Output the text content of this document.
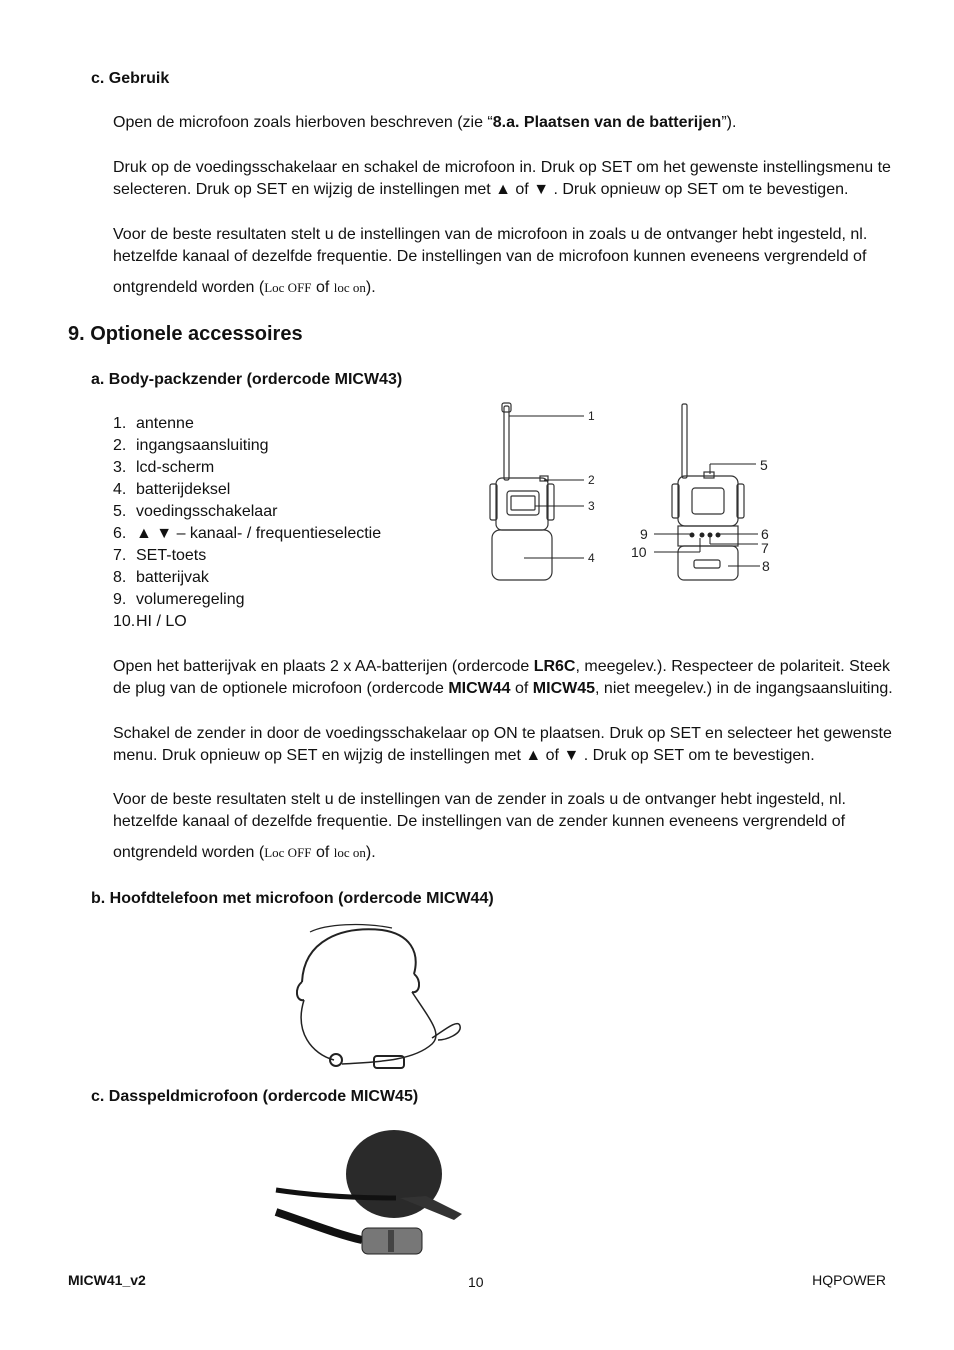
c. Gebruik
Open de microfoon zoals hierboven beschreven (zie “8.a. Plaatsen van de batterijen”).
Druk op de voedingsschakelaar en schakel de microfoon in. Druk op SET om het gewenste instellingsmenu te
selecteren. Druk op SET en wijzig de instellingen met ▲ of ▼ . Druk opnieuw op SET om te bevestigen.
Voor de beste resultaten stelt u de instellingen van de microfoon in zoals u de ontvanger hebt ingesteld, nl.
hetzelfde kanaal of dezelfde frequentie. De instellingen van de microfoon kunnen eveneens vergrendeld of
ontgrendeld worden (Loc OFF of loc on).
9. Optionele accessoires
a. Body-packzender (ordercode MICW43)
1. antenne
2. ingangsaansluiting
3. lcd-scherm
4. batterijdeksel
5. voedingsschakelaar
6. ▲ ▼ – kanaal- / frequentieselectie
7. SET-toets
8. batterijvak
9. volumeregeling
10.HI / LO
1
2
3
4
5
6
7
8
9
10
Open het batterijvak en plaats 2 x AA-batterijen (ordercode LR6C, meegelev.). Respecteer de polariteit. Steek
de plug van de optionele microfoon (ordercode MICW44 of MICW45, niet meegelev.) in de ingangsaansluiting.
Schakel de zender in door de voedingsschakelaar op ON te plaatsen. Druk op SET en selecteer het gewenste
menu. Druk opnieuw op SET en wijzig de instellingen met ▲ of ▼ . Druk op SET om te bevestigen.
Voor de beste resultaten stelt u de instellingen van de zender in zoals u de ontvanger hebt ingesteld, nl.
hetzelfde kanaal of dezelfde frequentie. De instellingen van de zender kunnen eveneens vergrendeld of
ontgrendeld worden (Loc OFF of loc on).
b. Hoofdtelefoon met microfoon (ordercode MICW44)
c. Dasspeldmicrofoon (ordercode MICW45)
MICW41_v2	10	HQPOWER
